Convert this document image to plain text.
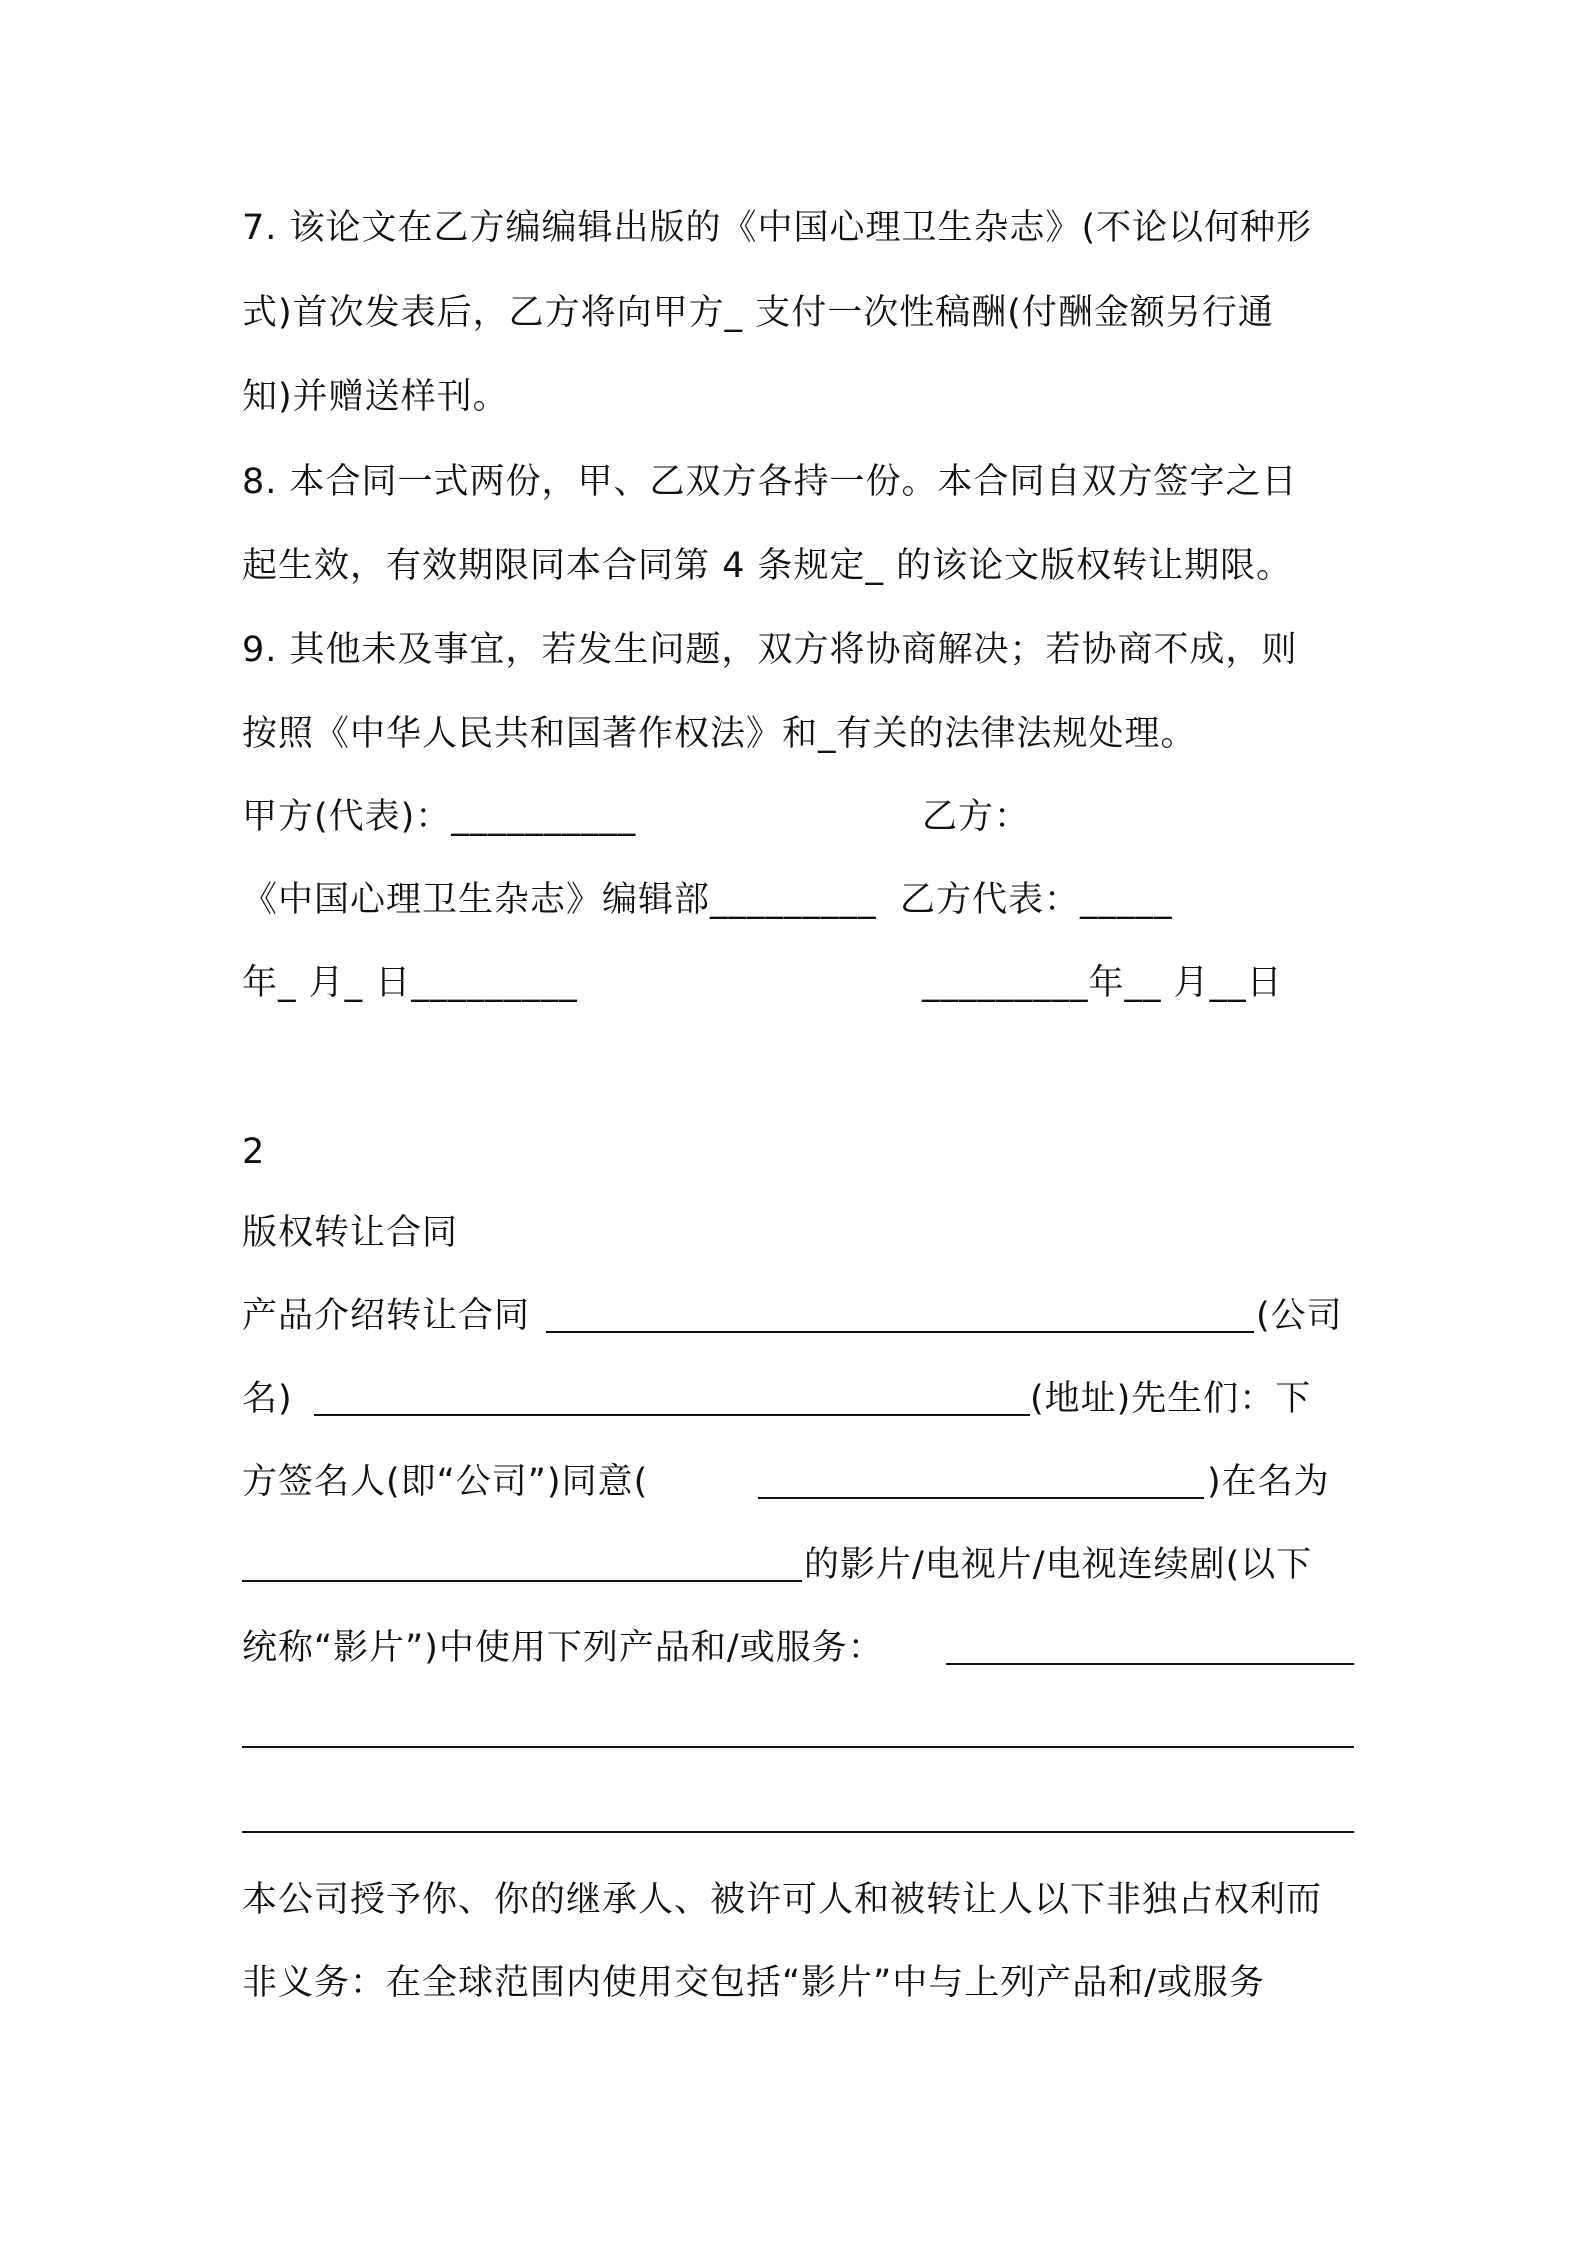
7. 该论文在乙方编编辑出版的《中国心理卫生杂志》(不论以何种形
式)首次发表后，乙方将向甲方_ 支付一次性稿酬(付酬金额另行通
知)并赠送样刊。
8. 本合同一式两份，甲、乙双方各持一份。本合同自双方签字之日
起生效，有效期限同本合同第 4 条规定_ 的该论文版权转让期限。
9. 其他未及事宜，若发生问题，双方将协商解决；若协商不成，则
按照《中华人民共和国著作权法》和_有关的法律法规处理。
甲方(代表)：__________	乙方：
《中国心理卫生杂志》编辑部_________ 乙方代表：_____
年_ 月_ 日_________	_________年__ 月__日
2
版权转让合同
产品介绍转让合同	(公司
名)	(地址)先生们：下
方签名人(即“公司”)同意(	)在名为
的影片/电视片/电视连续剧(以下
统称“影片”)中使用下列产品和/或服务：
本公司授予你、你的继承人、被许可人和被转让人以下非独占权利而
非义务：在全球范围内使用交包括“影片”中与上列产品和/或服务
